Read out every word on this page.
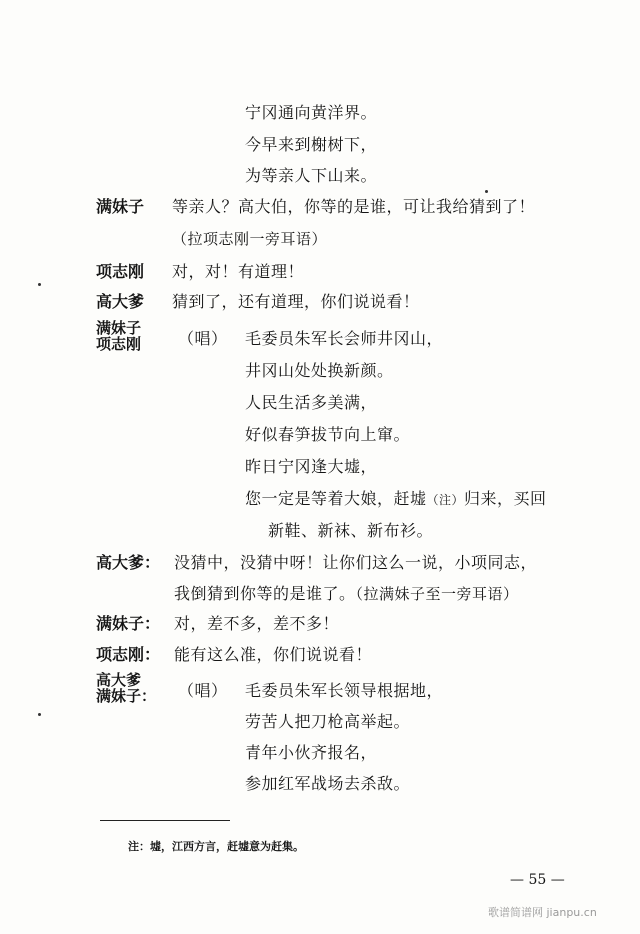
宁冈通向黄洋界。
今早来到榭树下，
为等亲人下山来。
满妹子 等亲人？高大伯，你等的是谁，可让我给猜到了！
（拉项志刚一旁耳语）
项志刚 对，对！有道理！
高大爹 猜到了，还有道理，你们说说看！
满妹子
项志刚 （唱） 毛委员朱军长会师井冈山，
井冈山处处换新颜。
人民生活多美满，
好似春笋拔节向上窜。
昨日宁冈逢大墟，
您一定是等着大娘，赶墟（注）归来，买回
新鞋、新袜、新布衫。
高大爹： 没猜中，没猜中呀！让你们这么一说，小项同志，
我倒猜到你等的是谁了。（拉满妹子至一旁耳语）
满妹子： 对，差不多，差不多！
项志刚： 能有这么准，你们说说看！
高大爹
满妹子： （唱） 毛委员朱军长领导根据地，
劳苦人把刀枪高举起。
青年小伙齐报名，
参加红军战场去杀敌。
注：墟，江西方言，赶墟意为赶集。
— 55 —
歌谱简谱网 jianpu.cn
